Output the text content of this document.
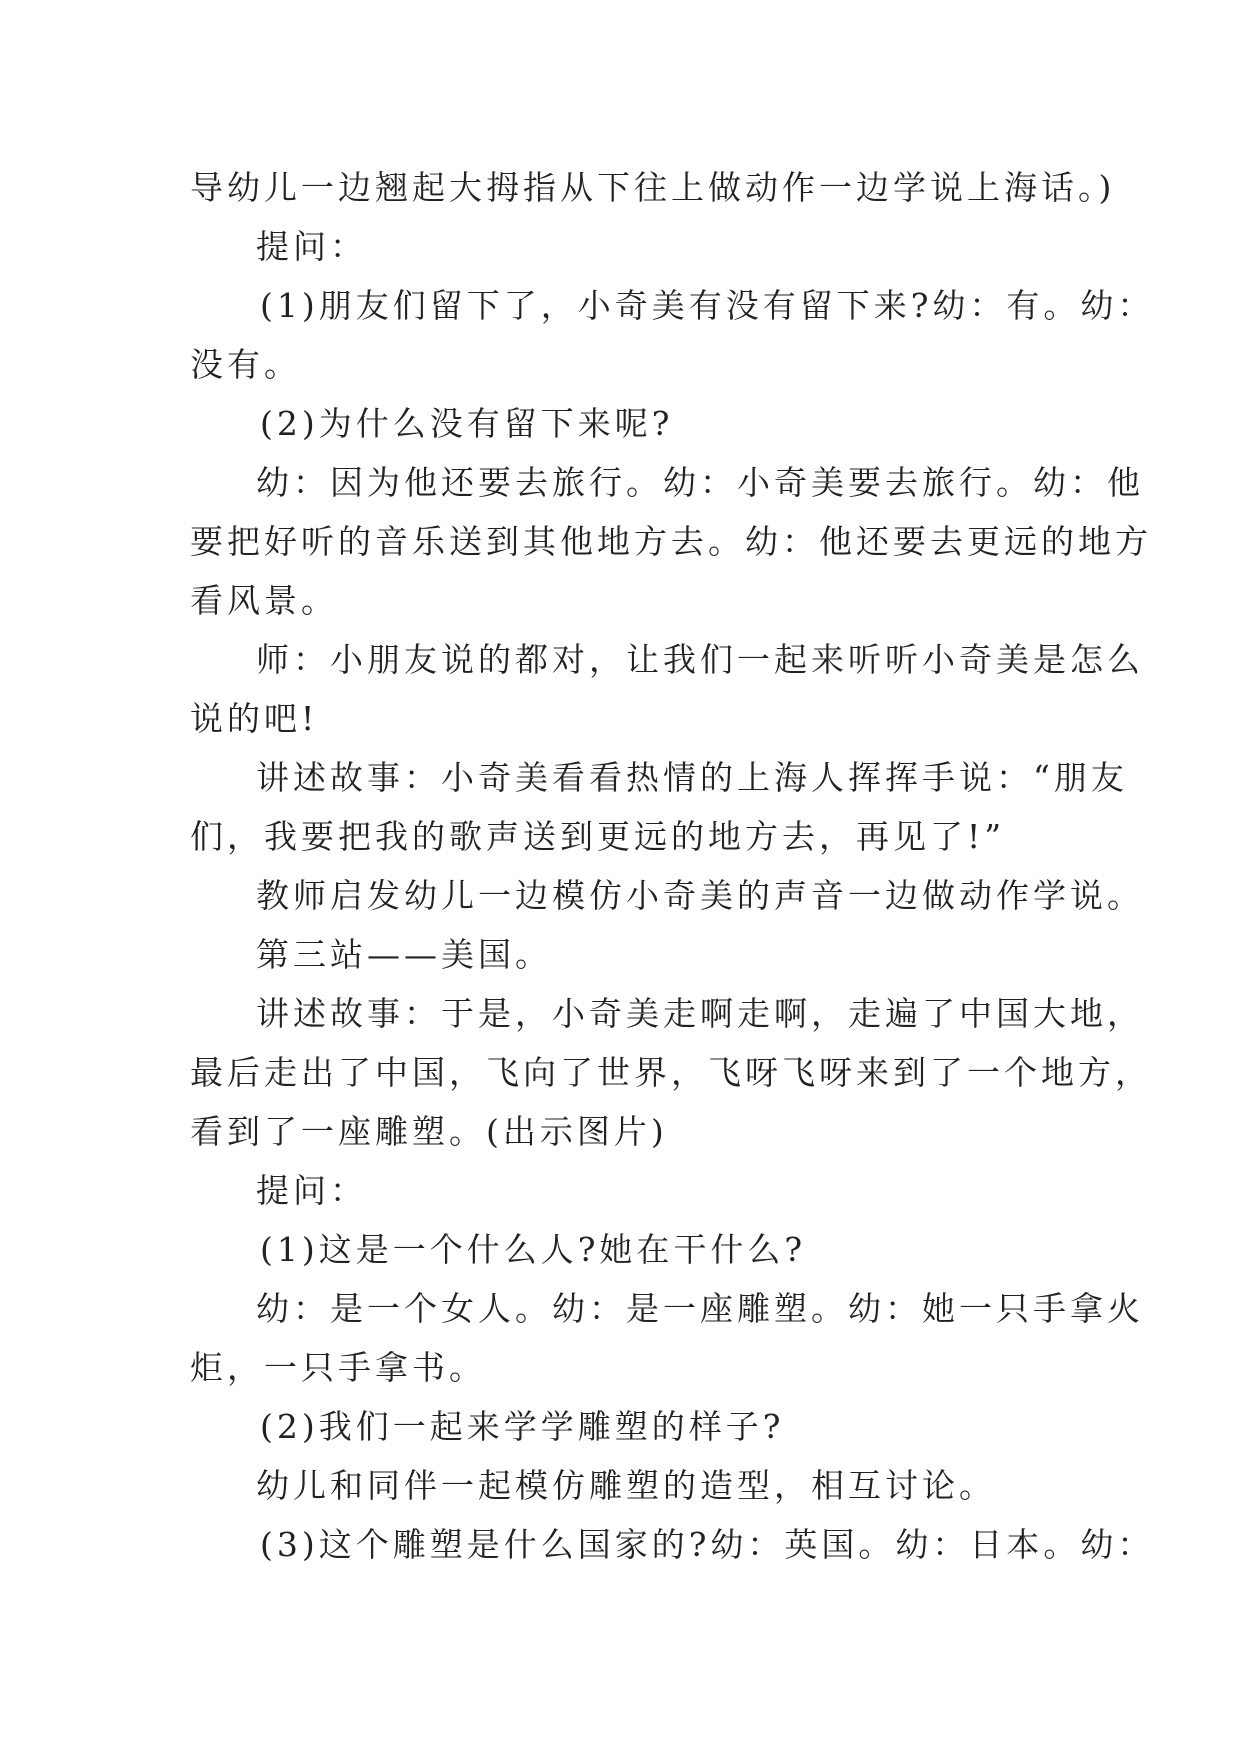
导幼儿一边翘起大拇指从下往上做动作一边学说上海话。)
提问：
(1)朋友们留下了，小奇美有没有留下来?幼：有。幼：
没有。
(2)为什么没有留下来呢?
幼：因为他还要去旅行。幼：小奇美要去旅行。幼：他
要把好听的音乐送到其他地方去。幼：他还要去更远的地方
看风景。
师：小朋友说的都对，让我们一起来听听小奇美是怎么
说的吧!
讲述故事：小奇美看看热情的上海人挥挥手说：“朋友
们，我要把我的歌声送到更远的地方去，再见了!”
教师启发幼儿一边模仿小奇美的声音一边做动作学说。
第三站——美国。
讲述故事：于是，小奇美走啊走啊，走遍了中国大地，
最后走出了中国，飞向了世界，飞呀飞呀来到了一个地方，
看到了一座雕塑。(出示图片)
提问：
(1)这是一个什么人?她在干什么?
幼：是一个女人。幼：是一座雕塑。幼：她一只手拿火
炬，一只手拿书。
(2)我们一起来学学雕塑的样子?
幼儿和同伴一起模仿雕塑的造型，相互讨论。
(3)这个雕塑是什么国家的?幼：英国。幼：日本。幼：
